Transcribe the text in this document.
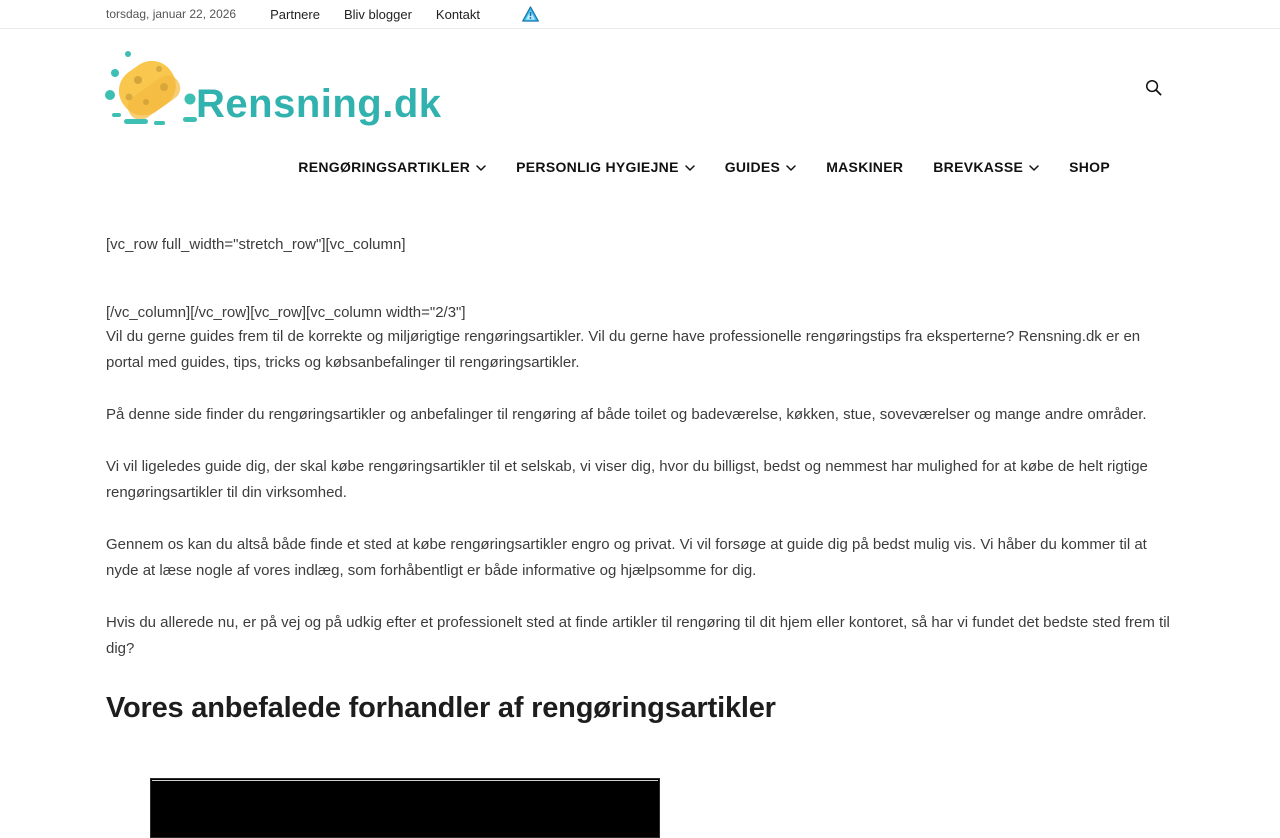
torsdag, januar 22, 2026	Partnere Bliv blogger Kontakt
Rensning.dk
RENGØRINGSARTIKLER	PERSONLIG HYGIEJNE	GUIDES	MASKINER BREVKASSE	SHOP

[vc_row full_width="stretch_row"][vc_column]

[/vc_column][/vc_row][vc_row][vc_column width="2/3"]

Vil du gerne guides frem til de korrekte og miljørigtige rengøringsartikler. Vil du gerne have professionelle rengøringstips fra eksperterne? Rensning.dk er en portal med guides, tips, tricks og købsanbefalinger til rengøringsartikler.

På denne side finder du rengøringsartikler og anbefalinger til rengøring af både toilet og badeværelse, køkken, stue, soveværelser og mange andre områder.

Vi vil ligeledes guide dig, der skal købe rengøringsartikler til et selskab, vi viser dig, hvor du billigst, bedst og nemmest har mulighed for at købe de helt rigtige rengøringsartikler til din virksomhed.

Gennem os kan du altså både finde et sted at købe rengøringsartikler engro og privat. Vi vil forsøge at guide dig på bedst mulig vis. Vi håber du kommer til at nyde at læse nogle af vores indlæg, som forhåbentligt er både informative og hjælpsomme for dig.

Hvis du allerede nu, er på vej og på udkig efter et professionelt sted at finde artikler til rengøring til dit hjem eller kontoret, så har vi fundet det bedste sted frem til dig?

Vores anbefalede forhandler af rengøringsartikler
